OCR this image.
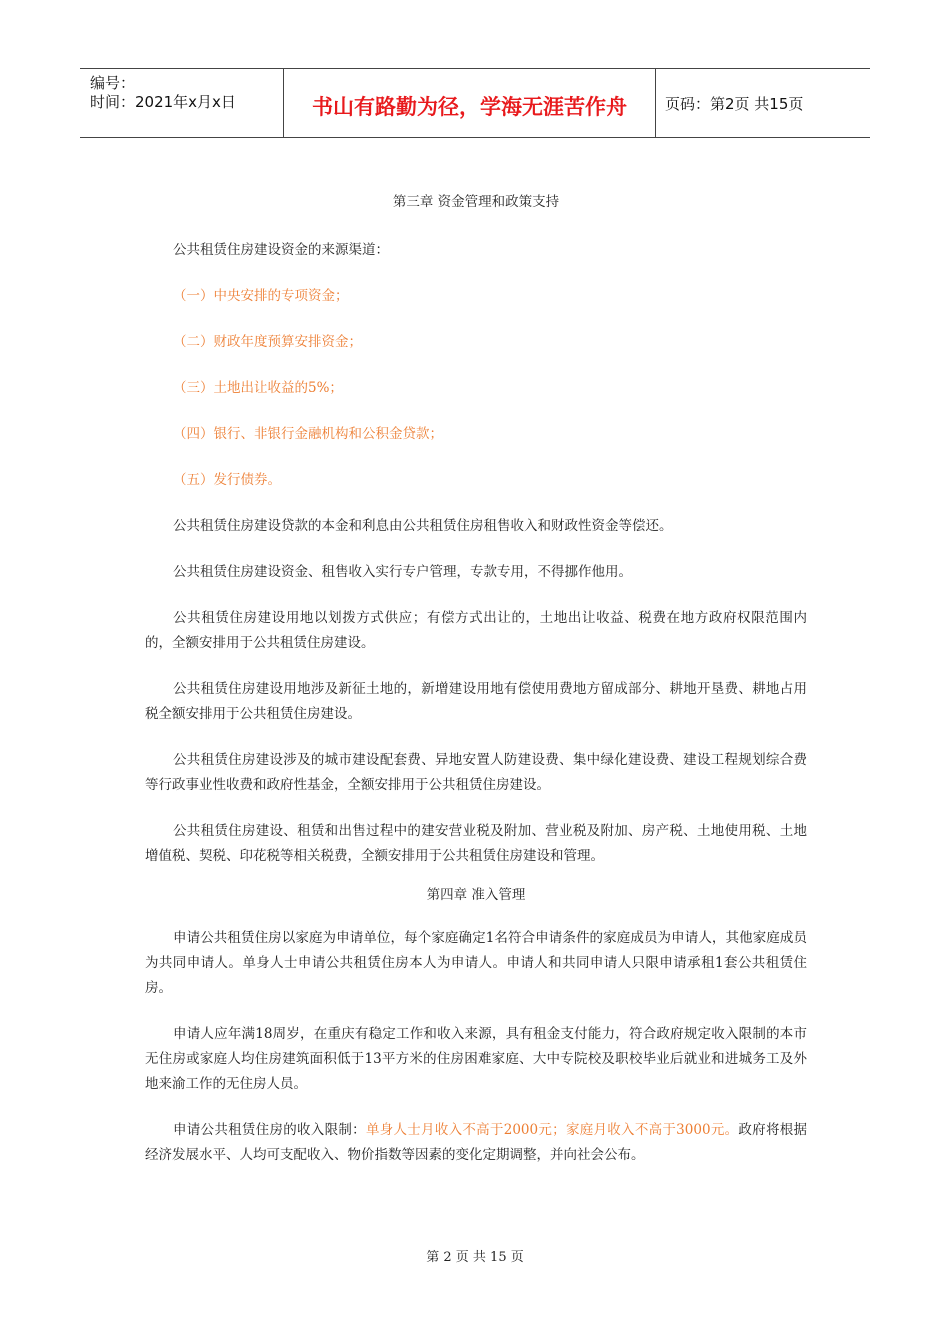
编号：
时间：2021年x月x日	书山有路勤为径，学海无涯苦作舟	页码：第2页 共15页

第三章 资金管理和政策支持

公共租赁住房建设资金的来源渠道：

（一）中央安排的专项资金；

（二）财政年度预算安排资金；

（三）土地出让收益的5%；

（四）银行、非银行金融机构和公积金贷款；

（五）发行债券。

公共租赁住房建设贷款的本金和利息由公共租赁住房租售收入和财政性资金等偿还。

公共租赁住房建设资金、租售收入实行专户管理，专款专用，不得挪作他用。

公共租赁住房建设用地以划拨方式供应；有偿方式出让的，土地出让收益、税费在地方政府权限范围内的，全额安排用于公共租赁住房建设。

公共租赁住房建设用地涉及新征土地的，新增建设用地有偿使用费地方留成部分、耕地开垦费、耕地占用税全额安排用于公共租赁住房建设。

公共租赁住房建设涉及的城市建设配套费、异地安置人防建设费、集中绿化建设费、建设工程规划综合费等行政事业性收费和政府性基金，全额安排用于公共租赁住房建设。

公共租赁住房建设、租赁和出售过程中的建安营业税及附加、营业税及附加、房产税、土地使用税、土地增值税、契税、印花税等相关税费，全额安排用于公共租赁住房建设和管理。

第四章 准入管理

申请公共租赁住房以家庭为申请单位，每个家庭确定1名符合申请条件的家庭成员为申请人，其他家庭成员为共同申请人。单身人士申请公共租赁住房本人为申请人。申请人和共同申请人只限申请承租1套公共租赁住房。

申请人应年满18周岁，在重庆有稳定工作和收入来源，具有租金支付能力，符合政府规定收入限制的本市无住房或家庭人均住房建筑面积低于13平方米的住房困难家庭、大中专院校及职校毕业后就业和进城务工及外地来渝工作的无住房人员。

申请公共租赁住房的收入限制：单身人士月收入不高于2000元；家庭月收入不高于3000元。政府将根据经济发展水平、人均可支配收入、物价指数等因素的变化定期调整，并向社会公布。

第 2 页 共 15 页
